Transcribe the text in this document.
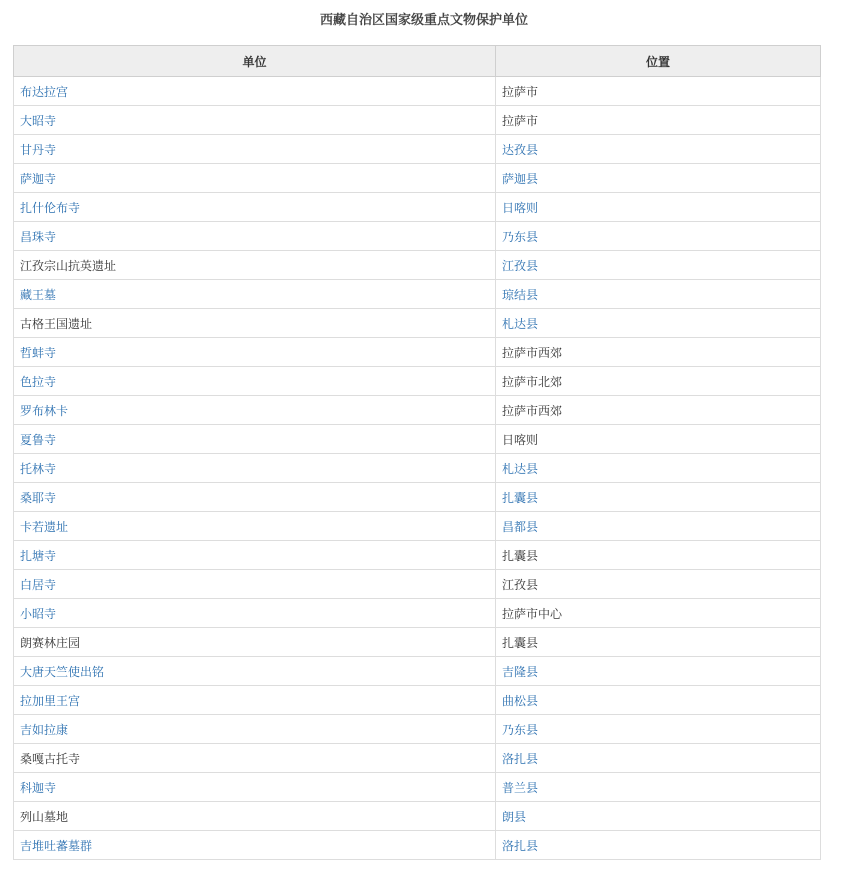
西藏自治区国家级重点文物保护单位
单位	位置
布达拉宫	拉萨市
大昭寺	拉萨市
甘丹寺	达孜县
萨迦寺	萨迦县
扎什伦布寺	日喀则
昌珠寺	乃东县
江孜宗山抗英遗址	江孜县
藏王墓	琼结县
古格王国遗址	札达县
哲蚌寺	拉萨市西郊
色拉寺	拉萨市北郊
罗布林卡	拉萨市西郊
夏鲁寺	日喀则
托林寺	札达县
桑耶寺	扎囊县
卡若遗址	昌都县
扎塘寺	扎囊县
白居寺	江孜县
小昭寺	拉萨市中心
朗赛林庄园	扎囊县
大唐天竺使出铭	吉隆县
拉加里王宫	曲松县
吉如拉康	乃东县
桑嘎古托寺	洛扎县
科迦寺	普兰县
列山墓地	朗县
吉堆吐蕃墓群	洛扎县
